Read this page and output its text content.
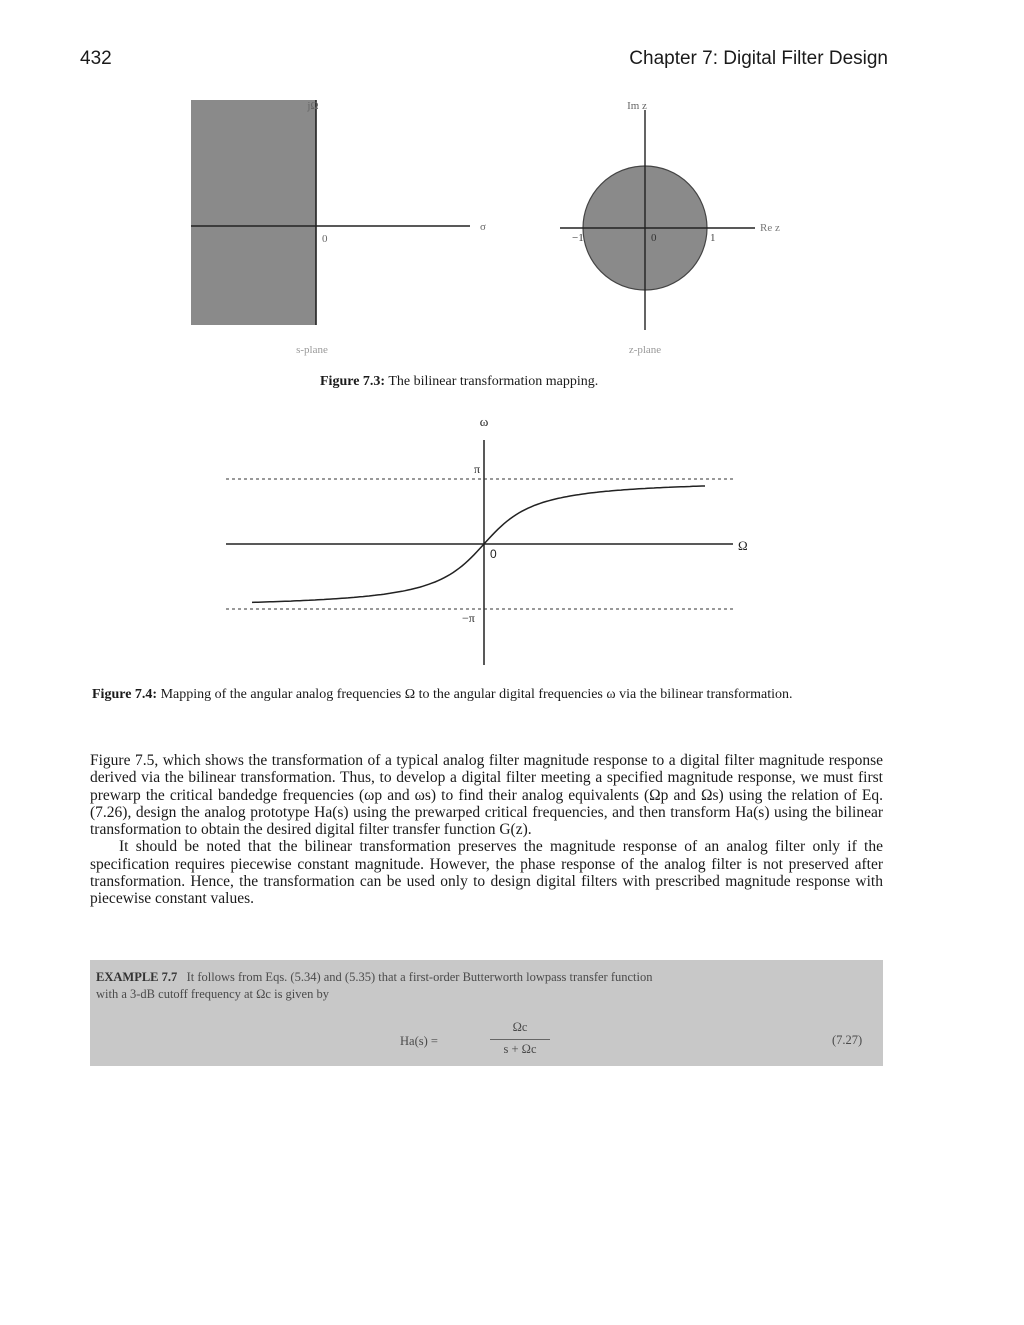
432	Chapter 7: Digital Filter Design
jΩ
σ
0
s-plane
Im z
Re z
−1	0	1
z-plane
ω
Ω
π
−π
0
Figure 7.3: The bilinear transformation mapping.
Figure 7.4: Mapping of the angular analog frequencies Ω to the angular digital frequencies ω via the bilinear transformation.

Figure 7.5, which shows the transformation of a typical analog filter magnitude response to a digital filter magnitude response derived via the bilinear transformation. Thus, to develop a digital filter meeting a specified magnitude response, we must first prewarp the critical bandedge frequencies (ωp and ωs) to find their analog equivalents (Ωp and Ωs) using the relation of Eq. (7.26), design the analog prototype Ha(s) using the prewarped critical frequencies, and then transform Ha(s) using the bilinear transformation to obtain the desired digital filter transfer function G(z).

It should be noted that the bilinear transformation preserves the magnitude response of an analog filter only if the specification requires piecewise constant magnitude. However, the phase response of the analog filter is not preserved after transformation. Hence, the transformation can be used only to design digital filters with prescribed magnitude response with piecewise constant values.

EXAMPLE 7.7 It follows from Eqs. (5.34) and (5.35) that a first-order Butterworth lowpass transfer function
with a 3-dB cutoff frequency at Ωc is given by
Ha(s) =
Ωc
s + Ωc
(7.27)
